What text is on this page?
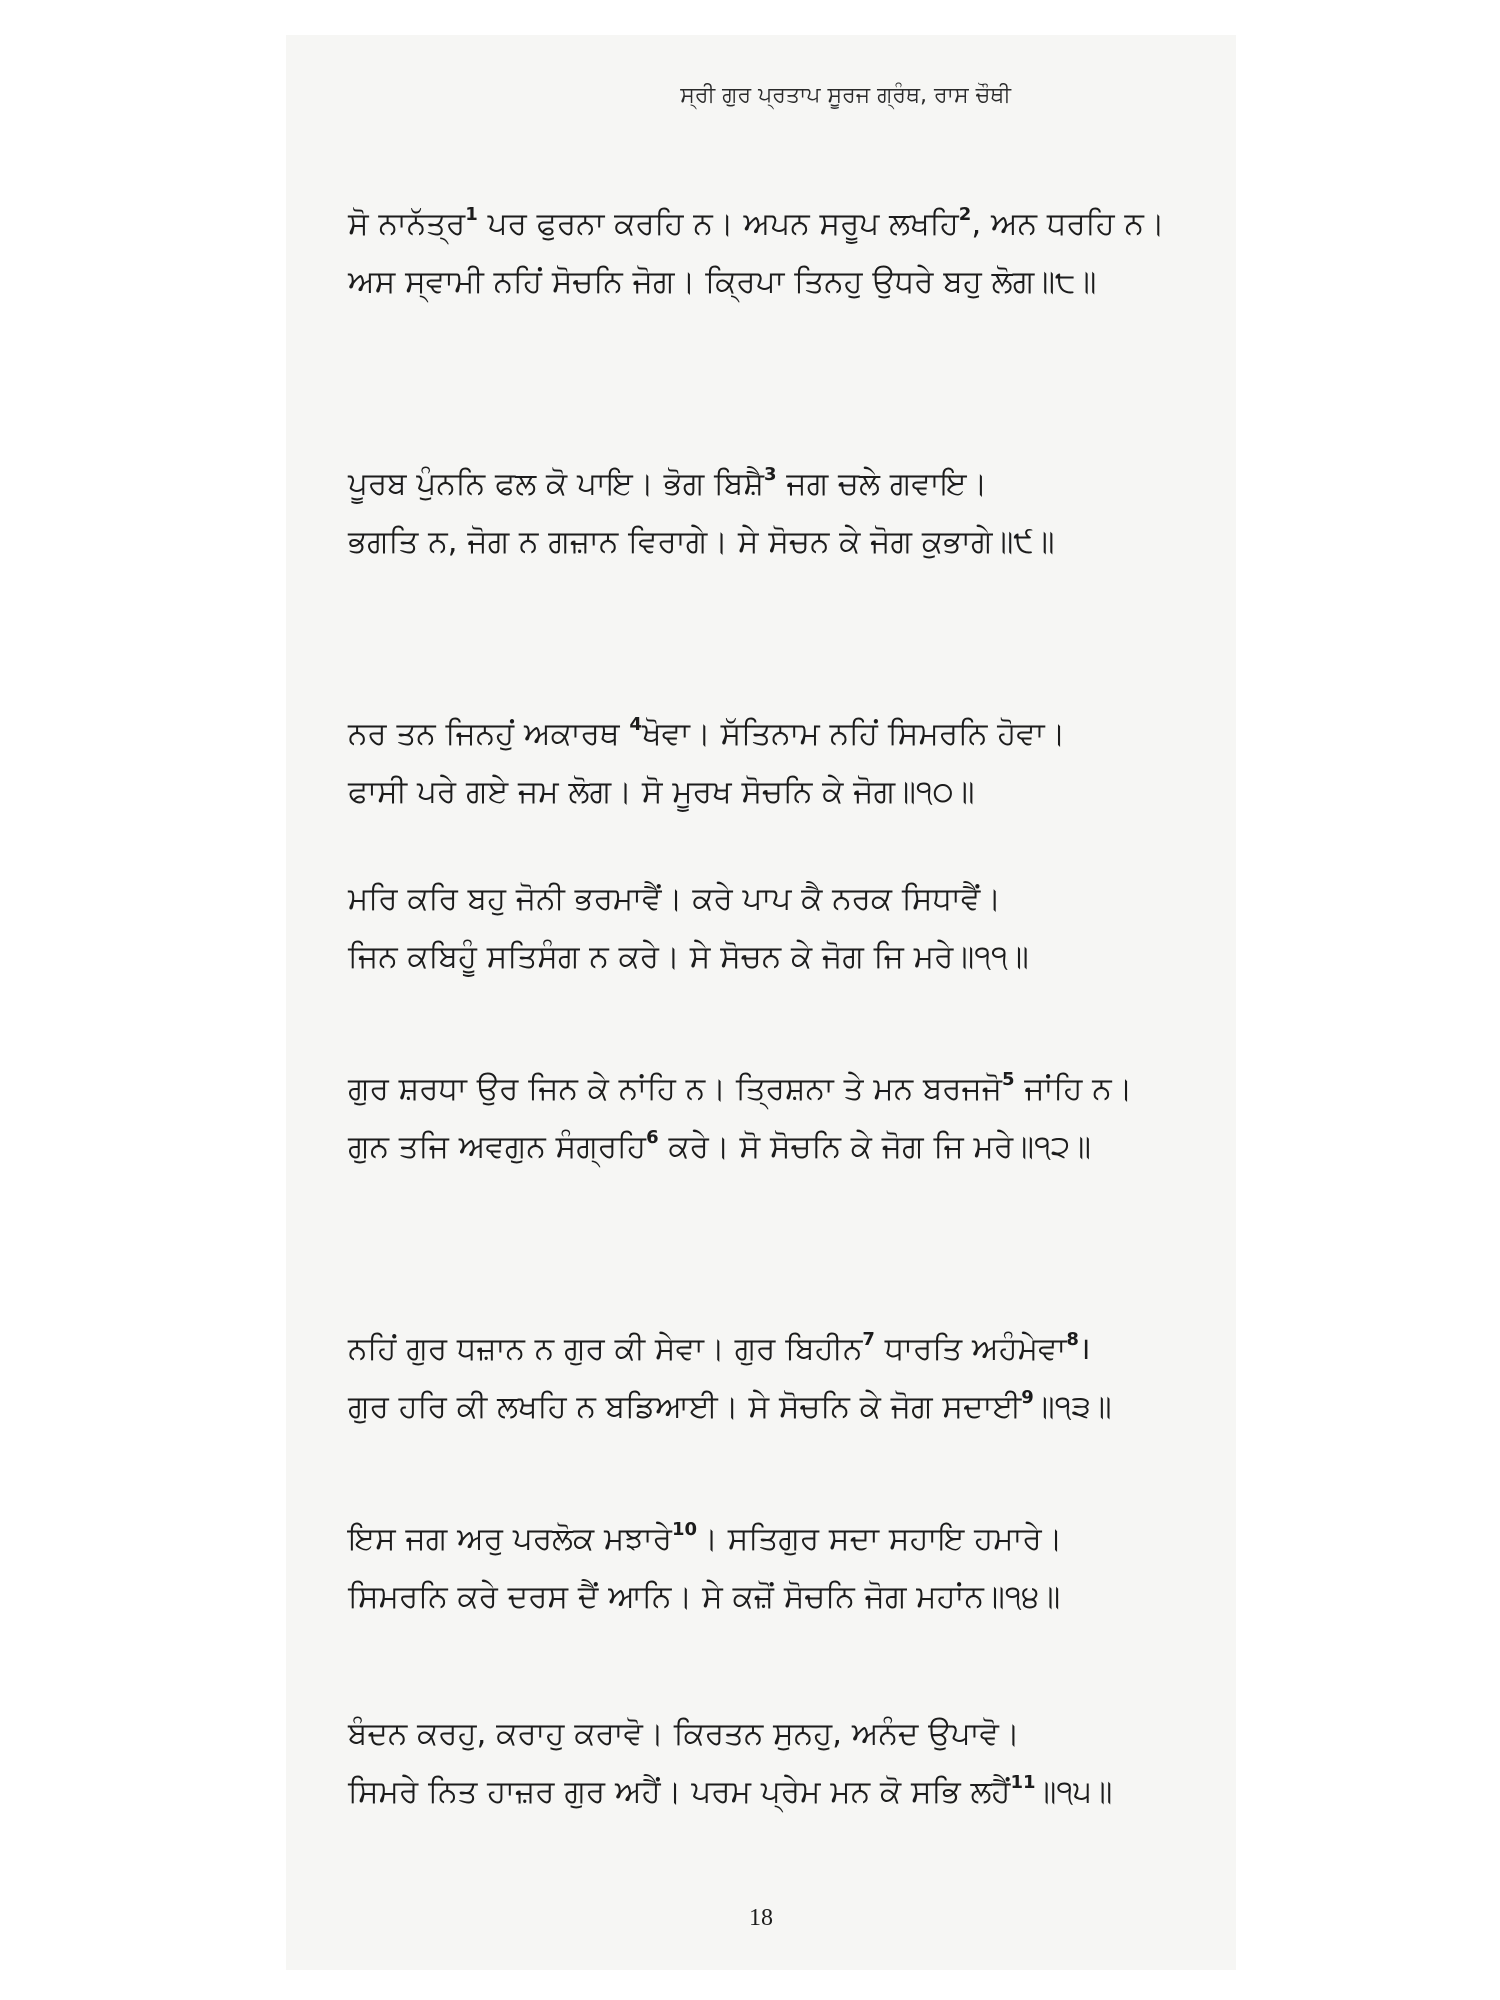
ਸ੍ਰੀ ਗੁਰ ਪ੍ਰਤਾਪ ਸੂਰਜ ਗ੍ਰੰਥ, ਰਾਸ ਚੌਥੀ
ਸੋ ਨਾਨੱਤ੍ਰ$^1$ ਪਰ ਫੁਰਨਾ ਕਰਹਿ ਨ। ਅਪਨ ਸਰੂਪ ਲਖਹਿ$^2$, ਅਨ ਧਰਹਿ ਨ।
ਅਸ ਸ੍ਵਾਮੀ ਨਹਿਂ ਸੋਚਨਿ ਜੋਗ। ਕ੍ਰਿਪਾ ਤਿਨਹੁ ਉਧਰੇ ਬਹੁ ਲੋਗ॥੮॥
ਪੂਰਬ ਪੁੰਨਨਿ ਫਲ ਕੋ ਪਾਇ। ਭੋਗ ਬਿਸ਼ੈ$^3$ ਜਗ ਚਲੇ ਗਵਾਇ।
ਭਗਤਿ ਨ, ਜੋਗ ਨ ਗਜ਼ਾਨ ਵਿਰਾਗੇ। ਸੇ ਸੋਚਨ ਕੇ ਜੋਗ ਕੁਭਾਗੇ॥੯॥
ਨਰ ਤਨ ਜਿਨਹੁਂ ਅਕਾਰਥ $^4$ਖੋਵਾ। ਸੱਤਿਨਾਮ ਨਹਿਂ ਸਿਮਰਨਿ ਹੋਵਾ।
ਫਾਸੀ ਪਰੇ ਗਏ ਜਮ ਲੋਗ। ਸੋ ਮੂਰਖ ਸੋਚਨਿ ਕੇ ਜੋਗ॥੧੦॥
ਮਰਿ ਕਰਿ ਬਹੁ ਜੋਨੀ ਭਰਮਾਵੈਂ। ਕਰੇ ਪਾਪ ਕੈ ਨਰਕ ਸਿਧਾਵੈਂ।
ਜਿਨ ਕਬਿਹੂੰ ਸਤਿਸੰਗ ਨ ਕਰੇ। ਸੇ ਸੋਚਨ ਕੇ ਜੋਗ ਜਿ ਮਰੇ॥੧੧॥
ਗੁਰ ਸ਼ਰਧਾ ਉਰ ਜਿਨ ਕੇ ਨਾਂਹਿ ਨ। ਤ੍ਰਿਸ਼ਨਾ ਤੇ ਮਨ ਬਰਜਜੋ$^5$ ਜਾਂਹਿ ਨ।
ਗੁਨ ਤਜਿ ਅਵਗੁਨ ਸੰਗ੍ਰਹਿ$^6$ ਕਰੇ। ਸੋ ਸੋਚਨਿ ਕੇ ਜੋਗ ਜਿ ਮਰੇ॥੧੨॥
ਨਹਿਂ ਗੁਰ ਧਜ਼ਾਨ ਨ ਗੁਰ ਕੀ ਸੇਵਾ। ਗੁਰ ਬਿਹੀਨ$^7$ ਧਾਰਤਿ ਅਹੰਮੇਵਾ$^8$।
ਗੁਰ ਹਰਿ ਕੀ ਲਖਹਿ ਨ ਬਡਿਆਈ। ਸੇ ਸੋਚਨਿ ਕੇ ਜੋਗ ਸਦਾਈ$^9$॥੧੩॥
ਇਸ ਜਗ ਅਰੁ ਪਰਲੋਕ ਮਝਾਰੇ$^{10}$। ਸਤਿਗੁਰ ਸਦਾ ਸਹਾਇ ਹਮਾਰੇ।
ਸਿਮਰਨਿ ਕਰੇ ਦਰਸ ਦੈਂ ਆਨਿ। ਸੇ ਕਜ਼ੋਂ ਸੋਚਨਿ ਜੋਗ ਮਹਾਂਨ॥੧੪॥
ਬੰਦਨ ਕਰਹੁ, ਕਰਾਹੁ ਕਰਾਵੋ। ਕਿਰਤਨ ਸੁਨਹੁ, ਅਨੰਦ ਉਪਾਵੋ।
ਸਿਮਰੇ ਨਿਤ ਹਾਜ਼ਰ ਗੁਰ ਅਹੈਂ। ਪਰਮ ਪ੍ਰੇਮ ਮਨ ਕੋ ਸਭਿ ਲਹੈਂ$^{11}$॥੧੫॥
18
